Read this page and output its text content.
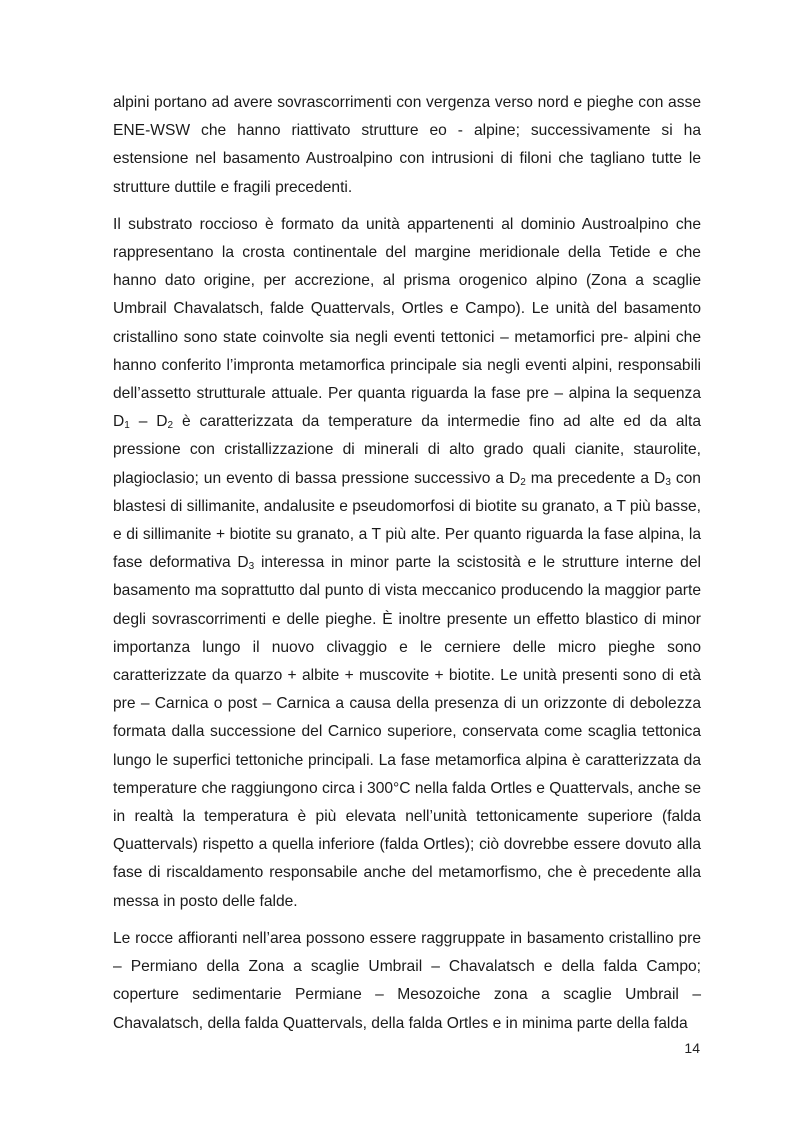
alpini portano ad avere sovrascorrimenti con vergenza verso nord e pieghe con asse ENE-WSW che hanno riattivato strutture eo - alpine; successivamente si ha estensione nel basamento Austroalpino con intrusioni di filoni che tagliano tutte le strutture duttile e fragili precedenti.

Il substrato roccioso è formato da unità appartenenti al dominio Austroalpino che rappresentano la crosta continentale del margine meridionale della Tetide e che hanno dato origine, per accrezione, al prisma orogenico alpino (Zona a scaglie Umbrail Chavalatsch, falde Quattervals, Ortles e Campo). Le unità del basamento cristallino sono state coinvolte sia negli eventi tettonici – metamorfici pre- alpini che hanno conferito l’impronta metamorfica principale sia negli eventi alpini, responsabili dell’assetto strutturale attuale. Per quanta riguarda la fase pre – alpina la sequenza $D_1 - D_2$ è caratterizzata da temperature da intermedie fino ad alte ed da alta pressione con cristallizzazione di minerali di alto grado quali cianite, staurolite, plagioclasio; un evento di bassa pressione successivo a $D_2$ ma precedente a $D_3$ con blastesi di sillimanite, andalusite e pseudomorfosi di biotite su granato, a T più basse, e di sillimanite + biotite su granato, a T più alte. Per quanto riguarda la fase alpina, la fase deformativa $D_3$ interessa in minor parte la scistosità e le strutture interne del basamento ma soprattutto dal punto di vista meccanico producendo la maggior parte degli sovrascorrimenti e delle pieghe. È inoltre presente un effetto blastico di minor importanza lungo il nuovo clivaggio e le cerniere delle micro pieghe sono caratterizzate da quarzo + albite + muscovite + biotite. Le unità presenti sono di età pre – Carnica o post – Carnica a causa della presenza di un orizzonte di debolezza formata dalla successione del Carnico superiore, conservata come scaglia tettonica lungo le superfici tettoniche principali. La fase metamorfica alpina è caratterizzata da temperature che raggiungono circa i 300°C nella falda Ortles e Quattervals, anche se in realtà la temperatura è più elevata nell’unità tettonicamente superiore (falda Quattervals) rispetto a quella inferiore (falda Ortles); ciò dovrebbe essere dovuto alla fase di riscaldamento responsabile anche del metamorfismo, che è precedente alla messa in posto delle falde.

Le rocce affioranti nell’area possono essere raggruppate in basamento cristallino pre – Permiano della Zona a scaglie Umbrail – Chavalatsch e della falda Campo; coperture sedimentarie Permiane – Mesozoiche zona a scaglie Umbrail – Chavalatsch, della falda Quattervals, della falda Ortles e in minima parte della falda

14
